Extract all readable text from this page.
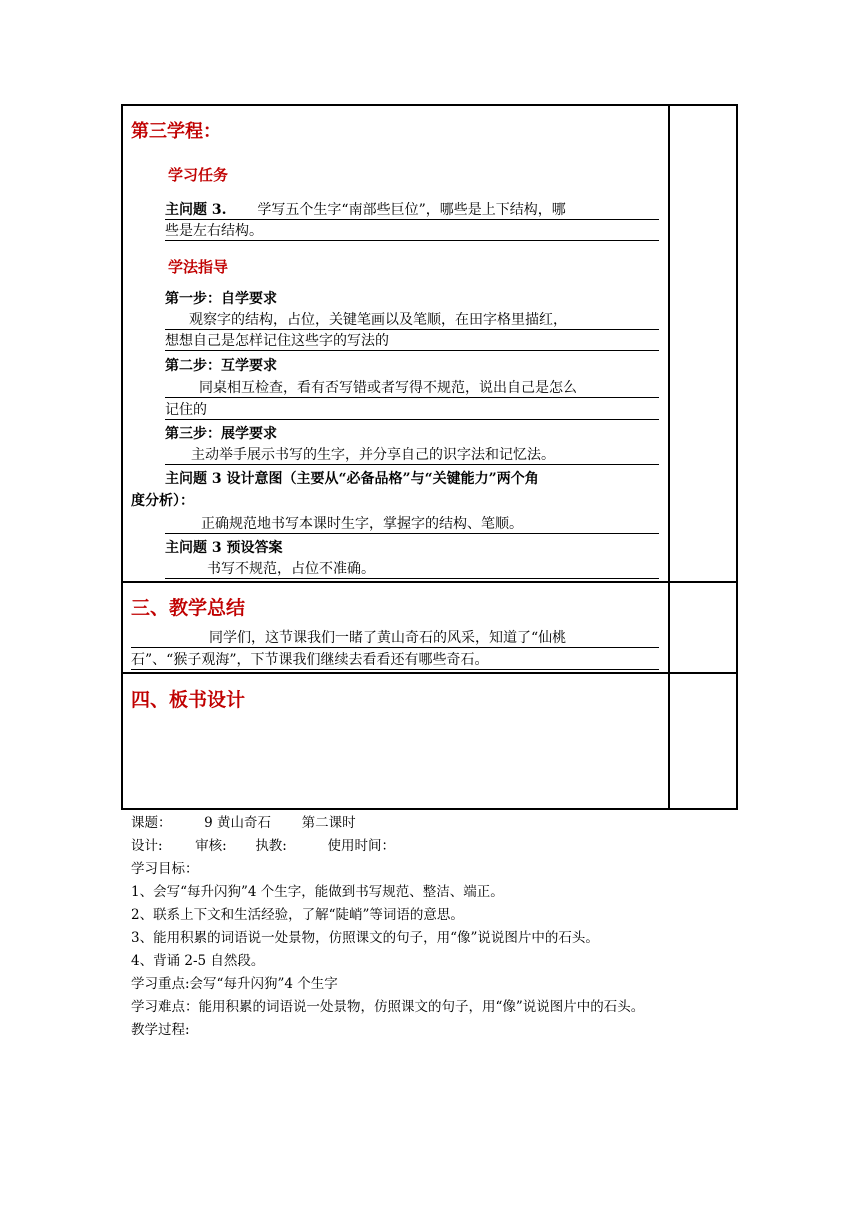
第三学程：
学习任务
主问题 3. 学写五个生字“南部些巨位”，哪些是上下结构，哪
些是左右结构。
学法指导
第一步：自学要求
观察字的结构，占位，关键笔画以及笔顺，在田字格里描红，
想想自己是怎样记住这些字的写法的
第二步：互学要求
同桌相互检查，看有否写错或者写得不规范，说出自己是怎么
记住的
第三步：展学要求
主动举手展示书写的生字，并分享自己的识字法和记忆法。
主问题 3 设计意图（主要从“必备品格”与“关键能力”两个角
度分析）：
正确规范地书写本课时生字，掌握字的结构、笔顺。
主问题 3 预设答案
书写不规范，占位不准确。
三、教学总结
同学们，这节课我们一睹了黄山奇石的风采，知道了“仙桃
石”、“猴子观海”，下节课我们继续去看看还有哪些奇石。
四、板书设计
课题： 9 黄山奇石 第二课时
设计: 审核: 执教:	使用时间：
学习目标：
1、会写“每升闪狗”4 个生字，能做到书写规范、整洁、端正。
2、联系上下文和生活经验，了解“陡峭”等词语的意思。
3、能用积累的词语说一处景物，仿照课文的句子，用“像”说说图片中的石头。
4、背诵 2-5 自然段。
学习重点:会写“每升闪狗”4 个生字
学习难点：能用积累的词语说一处景物，仿照课文的句子，用“像”说说图片中的石头。
教学过程:
